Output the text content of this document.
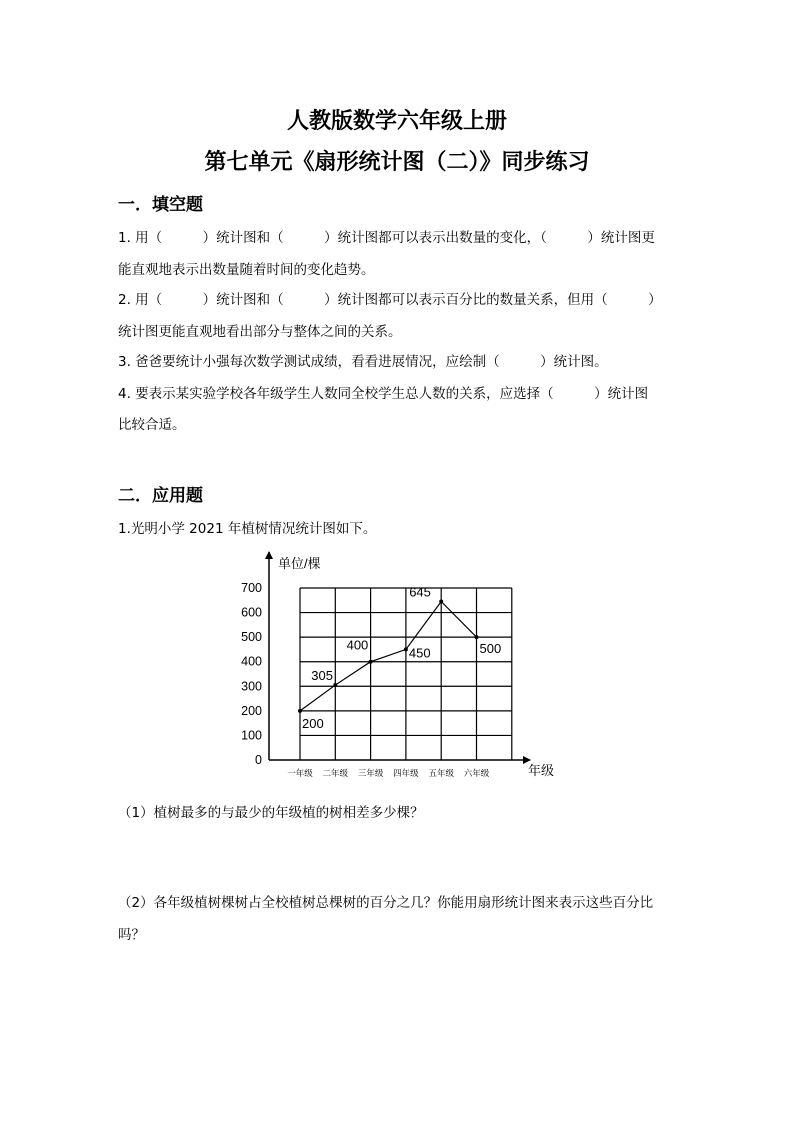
人教版数学六年级上册
第七单元《扇形统计图（二）》同步练习
一．填空题
1. 用（　　　）统计图和（　　　）统计图都可以表示出数量的变化，（　　　）统计图更
能直观地表示出数量随着时间的变化趋势。
2. 用（　　　）统计图和（　　　）统计图都可以表示百分比的数量关系，但用（　　　）
统计图更能直观地看出部分与整体之间的关系。
3. 爸爸要统计小强每次数学测试成绩，看看进展情况，应绘制（　　　）统计图。
4. 要表示某实验学校各年级学生人数同全校学生总人数的关系，应选择（　　　）统计图
比较合适。
二．应用题
1.光明小学 2021 年植树情况统计图如下。
单位/棵
年级
0
100
200
300
400
500
600
700
一年级 二年级 三年级 四年级 五年级 六年级
200
305
400
450
645
500
（1）植树最多的与最少的年级植的树相差多少棵？
（2）各年级植树棵树占全校植树总棵树的百分之几？你能用扇形统计图来表示这些百分比
吗？
